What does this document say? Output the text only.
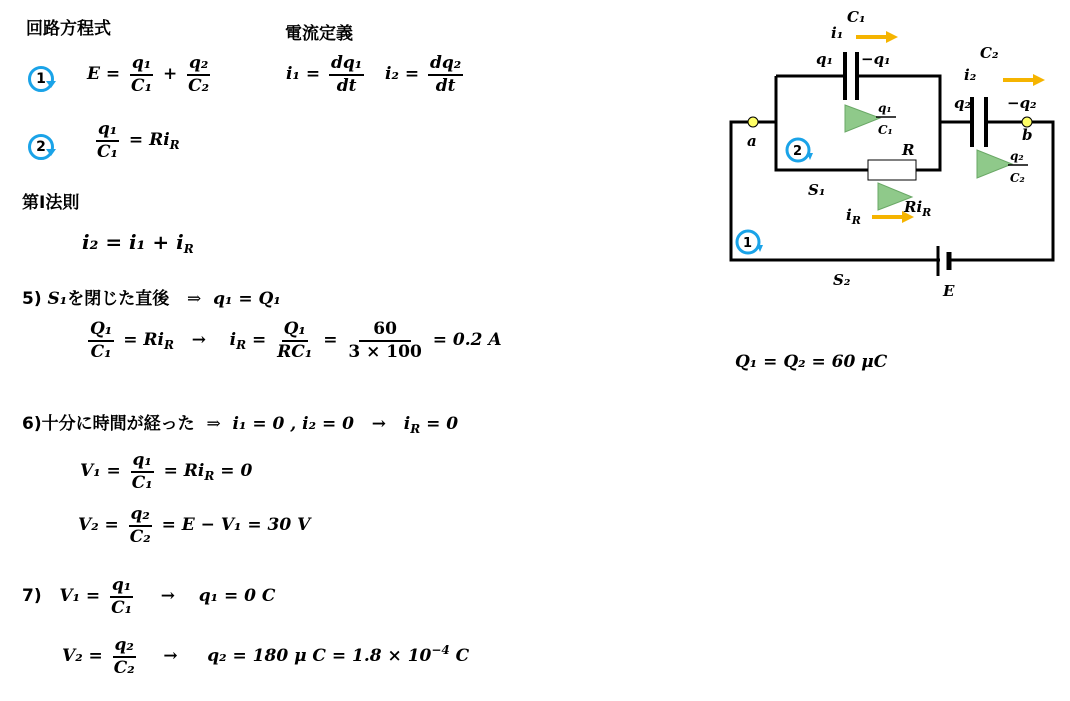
回路方程式	電流定義
1	$E = \frac{\text{q₁}}{\text{C₁}} + \frac{\text{q₂}}{\text{C₂}}$	$i_1 = \frac{\text{dq₁}}{dt} i_2 = \frac{\text{dq₂}}{dt}$
2	$\frac{\text{q₁}}{\text{C₁}} = Ri_R$
第Ⅰ法則
$i_2 = i_1 + i_R$
5) S₁を閉じた直後 ⇒ q₁ = Q₁
$\frac{\text{Q₁}}{\text{C₁}} = Ri_R \to i_R = \frac{\text{Q₁}}{\text{RC₁}} = \frac{60}{3 \times 100} = 0.2$ A
6)十分に時間が経った ⇒ i₁ = 0 , $i_2 = 0 \to i_R = 0$
$V_1 = \frac{\text{q₁}}{\text{C₁}} = Ri_R = 0$
$V_2 = \frac{\text{q₂}}{\text{C₂}} = E - V_1 = 30$ V
7) $V_1 = \frac{\text{q₁}}{\text{C₁}} \to q_1 = 0$ C
$V_2 = \frac{\text{q₂}}{\text{C₂}} \to q_2 = 180$ μ $C = 1.8 \times 10^{-4}$ C
Q₁ = Q₂ = 60 μC
2
1
C₁
i₁
q₁ −q₁
q₁
C₁
C₂
i₂
q₂ −q₂
q₂
C₂
a	b
R
S₁
$i_R$
$Ri_R$
S₂
E
